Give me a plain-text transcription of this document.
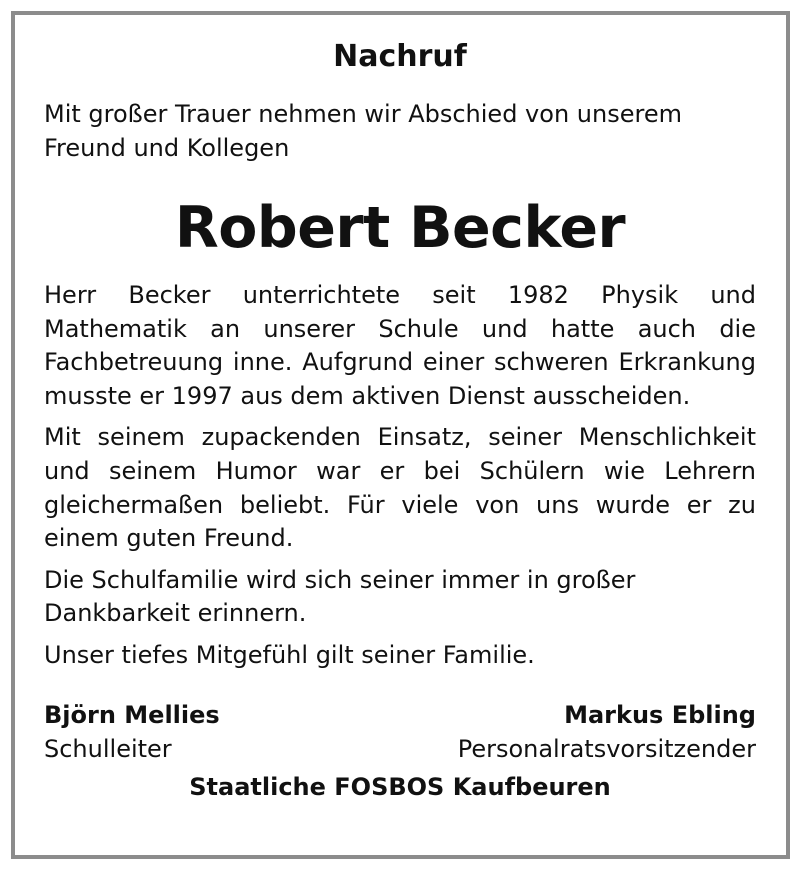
Nachruf

Mit großer Trauer nehmen wir Abschied von unserem Freund und Kollegen

Robert Becker

Herr Becker unterrichtete seit 1982 Physik und Mathematik an unserer Schule und hatte auch die Fachbetreuung inne. Aufgrund einer schweren Erkrankung musste er 1997 aus dem aktiven Dienst ausscheiden.

Mit seinem zupackenden Einsatz, seiner Menschlichkeit und seinem Humor war er bei Schülern wie Lehrern gleichermaßen beliebt. Für viele von uns wurde er zu einem guten Freund.

Die Schulfamilie wird sich seiner immer in großer Dankbarkeit erinnern.

Unser tiefes Mitgefühl gilt seiner Familie.

Björn Mellies	Markus Ebling
Schulleiter	Personalratsvorsitzender
Staatliche FOSBOS Kaufbeuren
